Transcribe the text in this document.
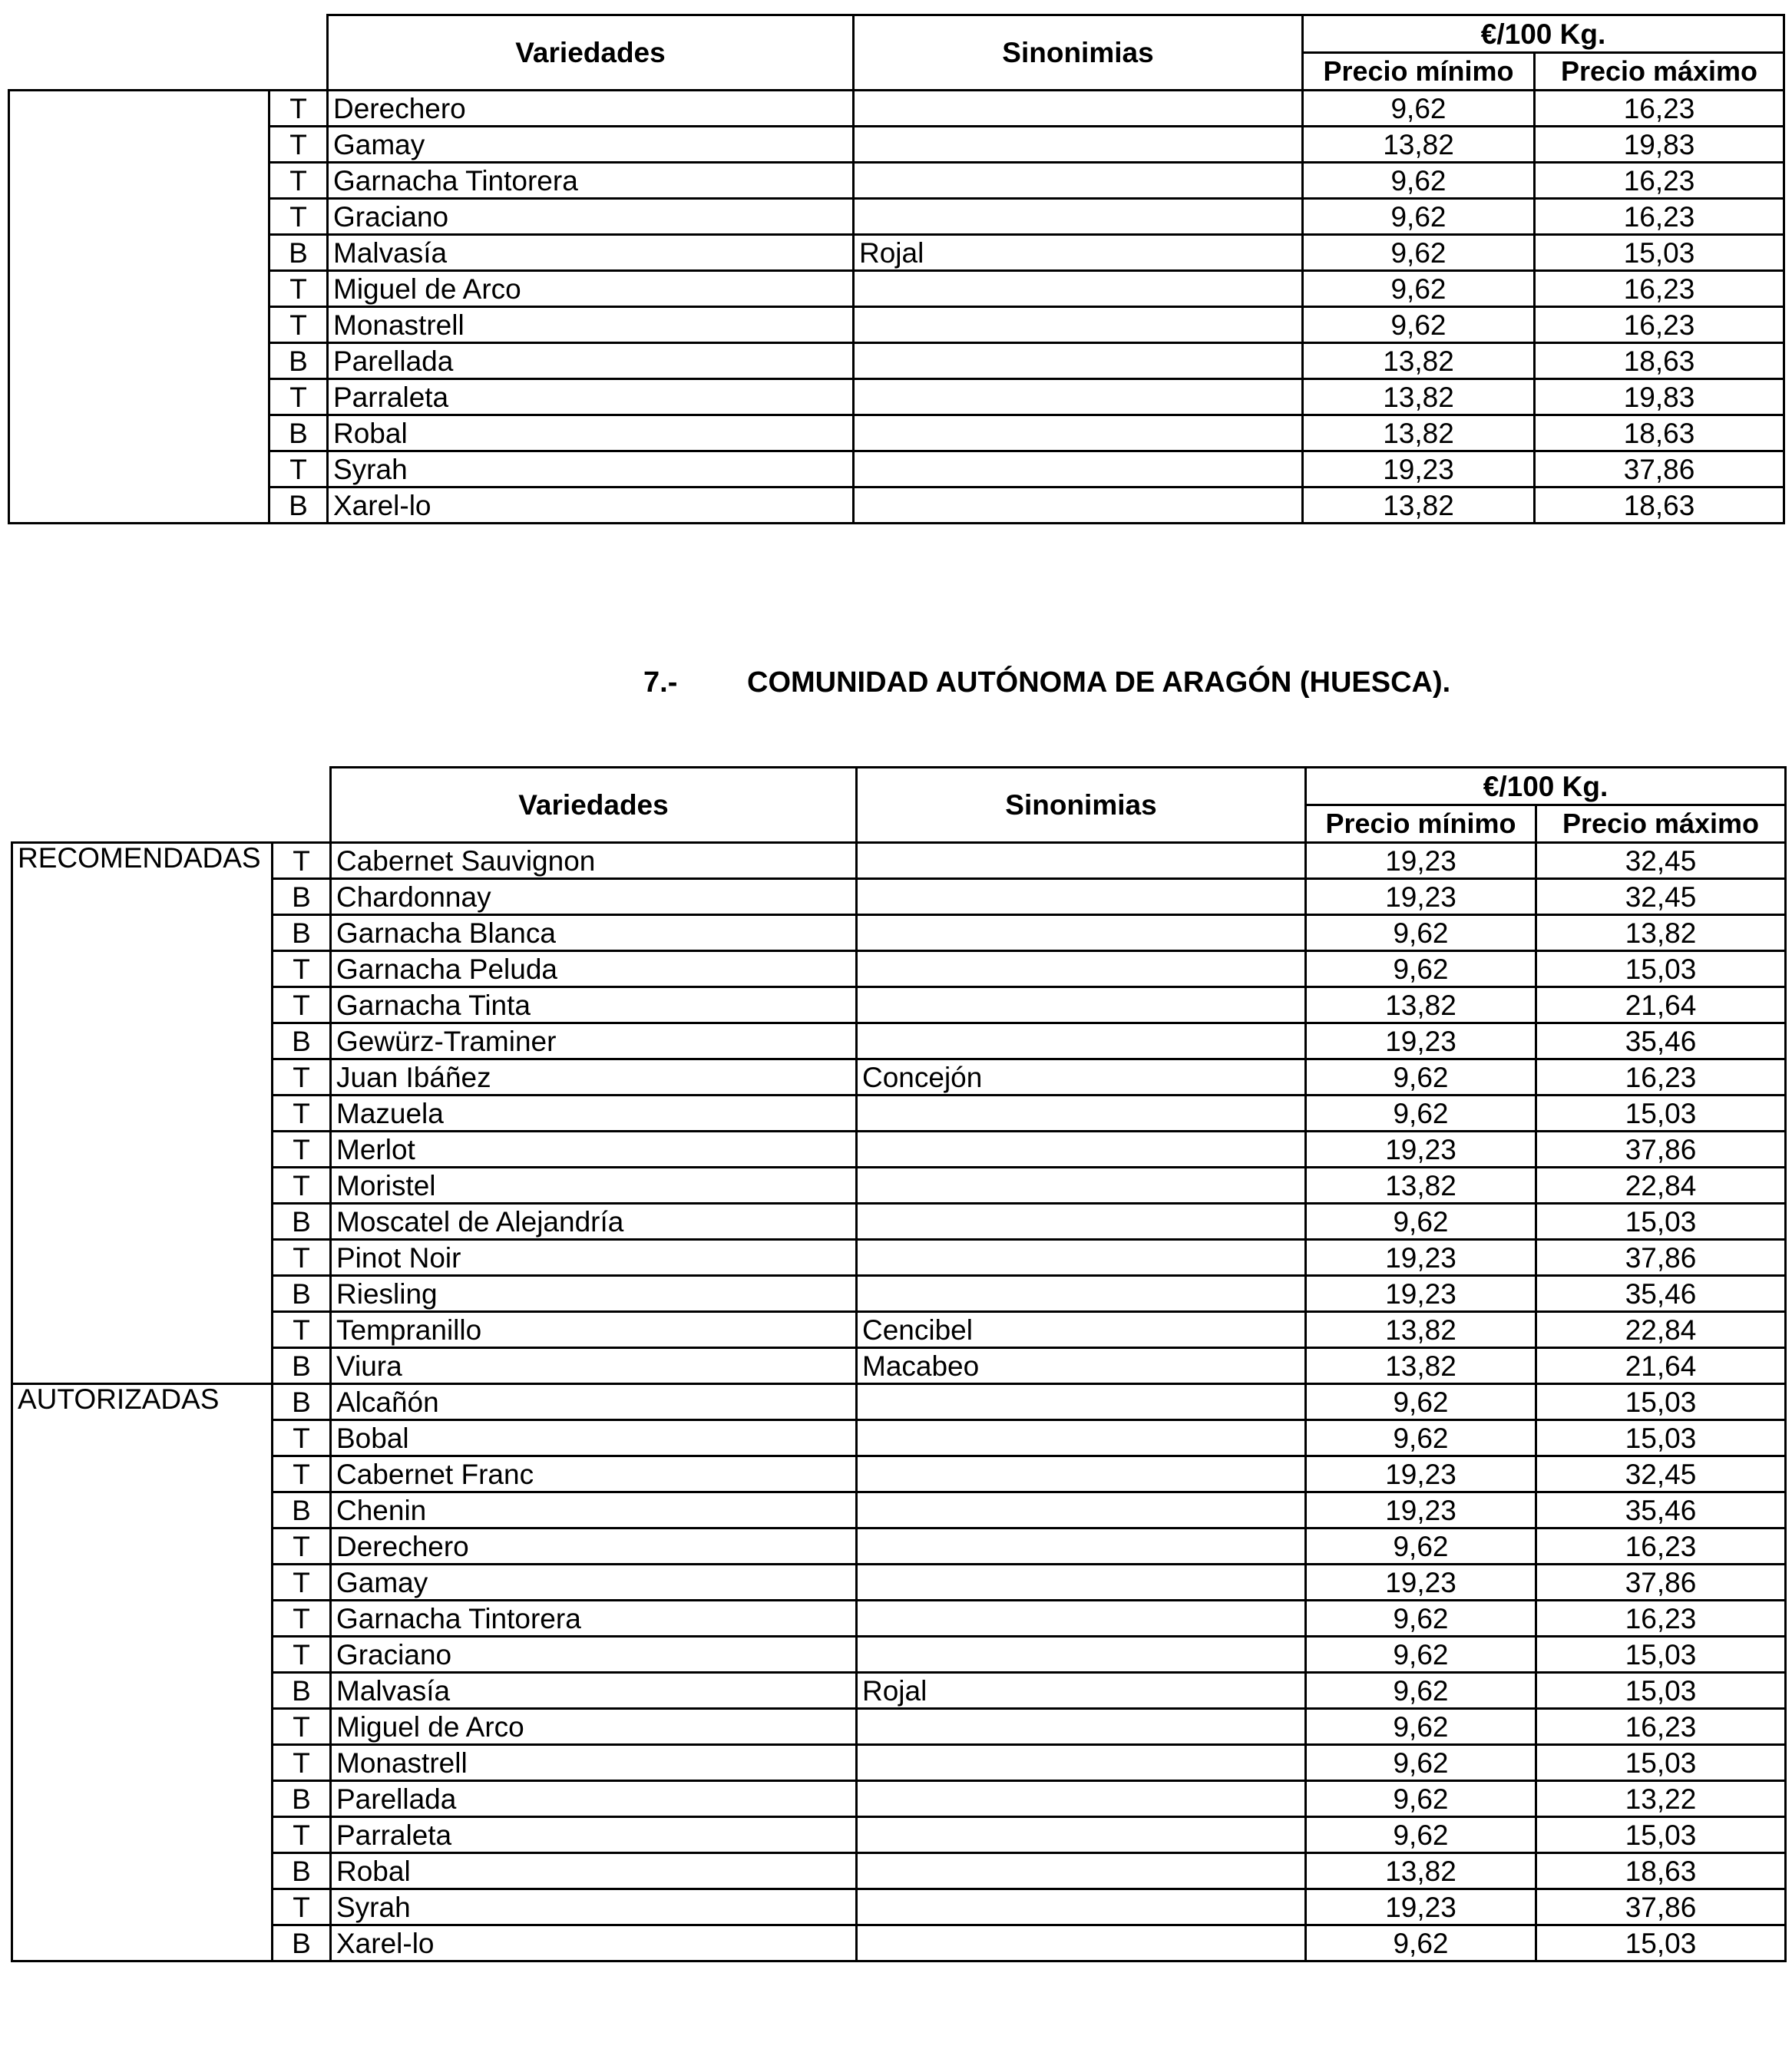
		Variedades	Sinonimias	€/100 Kg.	
				Precio mínimo	Precio máximo
	T	Derechero		9,62	16,23
	T	Gamay		13,82	19,83
	T	Garnacha Tintorera		9,62	16,23
	T	Graciano		9,62	16,23
	B	Malvasía	Rojal	9,62	15,03
	T	Miguel de Arco		9,62	16,23
	T	Monastrell		9,62	16,23
	B	Parellada		13,82	18,63
	T	Parraleta		13,82	19,83
	B	Robal		13,82	18,63
	T	Syrah		19,23	37,86
	B	Xarel-lo		13,82	18,63
7.- COMUNIDAD AUTÓNOMA DE ARAGÓN (HUESCA).
		Variedades	Sinonimias	€/100 Kg.	
				Precio mínimo	Precio máximo
RECOMENDADAS	T	Cabernet Sauvignon		19,23	32,45
	B	Chardonnay		19,23	32,45
	B	Garnacha Blanca		9,62	13,82
	T	Garnacha Peluda		9,62	15,03
	T	Garnacha Tinta		13,82	21,64
	B	Gewürz-Traminer		19,23	35,46
	T	Juan Ibáñez	Concejón	9,62	16,23
	T	Mazuela		9,62	15,03
	T	Merlot		19,23	37,86
	T	Moristel		13,82	22,84
	B	Moscatel de Alejandría		9,62	15,03
	T	Pinot Noir		19,23	37,86
	B	Riesling		19,23	35,46
	T	Tempranillo	Cencibel	13,82	22,84
	B	Viura	Macabeo	13,82	21,64
AUTORIZADAS	B	Alcañón		9,62	15,03
	T	Bobal		9,62	15,03
	T	Cabernet Franc		19,23	32,45
	B	Chenin		19,23	35,46
	T	Derechero		9,62	16,23
	T	Gamay		19,23	37,86
	T	Garnacha Tintorera		9,62	16,23
	T	Graciano		9,62	15,03
	B	Malvasía	Rojal	9,62	15,03
	T	Miguel de Arco		9,62	16,23
	T	Monastrell		9,62	15,03
	B	Parellada		9,62	13,22
	T	Parraleta		9,62	15,03
	B	Robal		13,82	18,63
	T	Syrah		19,23	37,86
	B	Xarel-lo		9,62	15,03
